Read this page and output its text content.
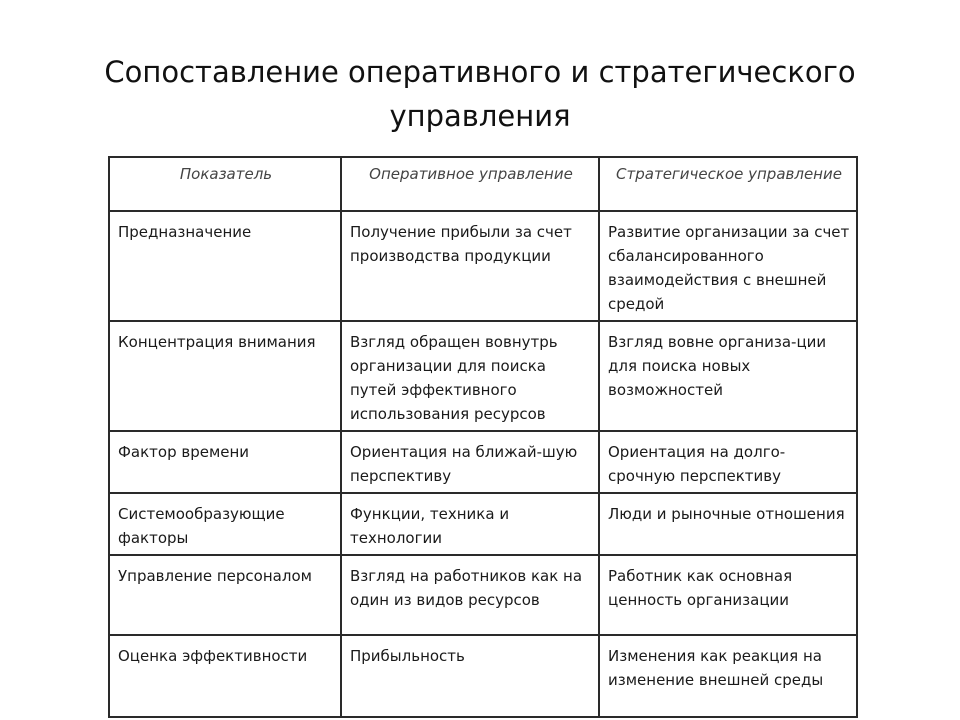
Сопоставление оперативного и стратегического
управления
Показатель	Оперативное управление	Стратегическое управление
Предназначение	Получение прибыли за счет производства продукции	Развитие организации за счет сбалансированного взаимодействия с внешней средой
Концентрация внимания	Взгляд обращен вовнутрь организации для поиска путей эффективного использования ресурсов	Взгляд вовне организа-ции для поиска новых возможностей
Фактор времени	Ориентация на ближай-шую перспективу	Ориентация на долго-срочную перспективу
Системообразующие факторы	Функции, техника и технологии	Люди и рыночные отношения
Управление персоналом	Взгляд на работников как на один из видов ресурсов	Работник как основная ценность организации
Оценка эффективности	Прибыльность	Изменения как реакция на изменение внешней среды
